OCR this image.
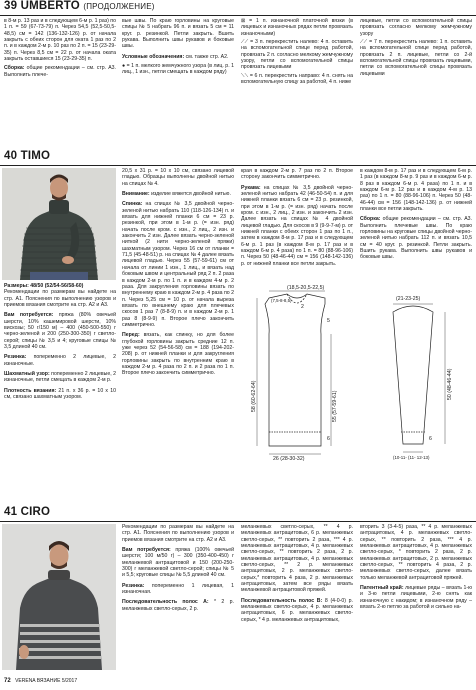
39 UMBERTO (ПРОДОЛЖЕНИЕ)

в 8-м р. 13 раз и в следующем 6-м р. 1 раз) по 1 п. = 59 (67-73-79) п. Через 54,5 (52,5-50,5-48,5) см = 142 (136-132-126) р. от начала закрыть с обеих сторон для оката 1 раз по 2 п. и в каждом 2-м р. 10 раз по 2 п. = 15 (23-29-35) п. Через 8,5 см = 22 р. от начала оката закрыть оставшиеся 15 (23-29-35) п.

Сборка: общие рекомендации – см. стр. А3. Выполнить плече-

вые швы. По краю горловины на круговые спицы № 5 набрать 96 п. и вязать 5 см = 11 круг. р. резинкой. Петли закрыть. Вшить рукава. Выполнить швы рукавов и боковые швы.

Условные обозначения: см. также стр. А2.

● = 1 п. мелкого жемчужного узора (в лиц. р. 1 лиц., 1 изн., петли смещать в каждом ряду)

⊠ = 1 п. изнаночной платочной вязки (в лицевых и изнаночных рядах петли провязать изнаночными)

⟋⟋ = 3 п. перекрестить налево: 4 п. оставить на вспомогательной спице перед работой, провязать 2 п. согласно мелкому жемчужному узору, петли со вспомогательной спицы провязать лицевыми

⟍⟍ = 6 п. перекрестить направо: 4 п. снять на вспомогательную спицу за работой, 4 п. ниже

лицевые, петли со вспомогательной спицы провязать согласно мелкому жемчужному узору

⟋⟋ = 7 п. перекрестить налево: 1 п. оставить на вспомогательной спице перед работой, провязать 2 п. лицевые, петли со 2-й вспомогательной спицы провязать лицевыми, петли со вспомогательной спицы провязать лицевыми

40 TIMO

Размеры: 48/50 (52/54-56/58-60)

Рекомендации по размерам вы найдете на стр. А1. Пояснения по выполнению узоров и приемов вязания смотрите на стр. А2 и А3.

Вам потребуется: пряжа (80% овечьей шерсти, 10% кашемировой шерсти, 10% вискозы; 50 г/150 м) – 400 (450-500-550) г черно-зеленой и 200 (250-300-350) г светло-серой; спицы № 3,5 и 4; круговые спицы № 3,5 длиной 40 см.

Резинка: попеременно 2 лицевые, 2 изнаночные.

Шахматный узор: попеременно 2 лицевые, 2 изнаночные, петли смещать в каждом 2-м р.

Плотность вязания: 21 п. х 36 р. = 10 х 10 см, связано шахматным узором.

20,5 х 31 р. = 10 х 10 см, связано лицевой гладью. Образцы выполнены двойной нитью на спицах № 4.

Внимание: изделие вяжется двойной нитью.

Спинка: на спицах № 3,5 двойной черно-зеленой нитью набрать 110 (118-126-134) п. и вязать для нижней планки 6 см = 23 р. резинкой, при этом в 1-м р. (= изн. ряд) начать после кром. с изн., 2 лиц., 2 изн. и закончить 2 изн. Далее вязать черно-зеленой ниткой (2 нити черно-зеленой пряжи) шахматным узором. Через 16 см от планки = 71,5 (45-48-51) р. на спицах № 4 далее вязать лицевой гладью. Через 55 (57-59-61) см от начала от линии 1 изн., 1 лиц., и вязать над боковым швом и центральный ряд 2 п. 2 раза в каждом 2-м р. по 1 п. и в каждом 4-м р. 2 раза. Для закругления горловины вязать по внутреннему краю в каждом 2-м р. 4 раза по 2 п. Через 5,25 см = 10 р. от начала выреза вязать по внешнему краю для плечевых скосов 1 раз 7 (8-8-9) п. и в каждом 2-м р. 1 раз 8 (8-9-9) п. Второе плечо закончить симметрично.

Перед: вязать, как спинку, но для более глубокой горловины закрыть средние 12 п. уже через 52 (54-56-58) см = 188 (194-202-208) р. от нижней планки и для закругления горловины закрыть по внутренним краю в каждом 2-м р. 4 раза по 2 п. и 2 раза по 1 п. Второе плечо закончить симметрично.

края в каждом 2-м р. 7 раз по 2 п. Второе сторону закончить симметрично.

Рукава: на спицах № 3,5 двойной черно-зеленой нитью набрать 42 (46-50-54) п. и для нижней планки вязать 6 см = 23 р. резинкой, при этом в 1-м р. (= изн. ряд) начать после кром. с изн., 2 лиц., 2 изн. и закончить 2 изн. Далее вязать на спицах № 4 двойной лицевой гладью. Для скосов в 9 (9-9-7-м) р. от нижней планки с обеих сторон 1 раз по 1 п., затем в каждом 8-м р. 17 раз и в следующем 6-м р. 1 раз (в каждом 8-м р. 17 раз и в каждом 6-м р. 4 раза) по 1 п. = 80 (88-96-106) п. Через 50 (48-46-44) см = 156 (148-142-136) р. от нижней планки все петли закрыть.

в каждом 8-м р. 17 раз и в следующем 6-м р. 1 раз (в каждом 8-м р. 9 раз и в каждом 6-м р. 8 раз в каждом 6-м р. 4 раза) по 1 п. и в каждом 6-м р. 12 раз и в каждом 4-м р. 13 раз) по 1 п. = 80 (88-96-106) п. Через 50 (48-46-44) см = 156 (148-142-136) р. от нижней планки все петли закрыть.

Сборка: общие рекомендации – см. стр. А3. Выполнить плечевые швы. По краю горловины на круговые спицы двойной черно-зеленой нитью набрать 112 п. и вязать 10,5 см = 40 круг. р. резинкой. Петли закрыть. Вшить рукава. Выполнить швы рукавов и боковые швы.

(18,5-20,5-22,5)
(7,5-8-8,5)
2
5
26 (28-30-32)
58 (60-62-64)	55 (57-59-61)
6
(21-23-25)
50 (48-46-44)
6
(10-11- (11- 12-13)
41 CIRO

Рекомендации по размерам вы найдете на стр. А1. Пояснения по выполнению узоров и приемов вязания смотрите на стр. А2 и А3.

Вам потребуется: пряжа (100% овечьей шерсти; 100 м/50 г) – 300 (350-400-450) г меланжевой антрацитовой и 150 (200-250-300) г меланжевой светло-серой; спицы № 5 и 5,5; круговые спицы № 5,5 длиной 40 см.

Резинка: попеременно 1 лицевая, 1 изнаночная.

Последовательность полос А: * 2 р. меланжевых светло-серых, 2 р.

меланжевых светло-серых, ** 4 р. меланжевых антрацитовых, 6 р. меланжевых светло-серых, ** повторить 2 раза, *** 4 р. меланжевых антрацитовых, 4 р. меланжевых светло-серых, ** повторить 2 раза, 2 р. меланжевых антрацитовых, 4 р. меланжевых светло-серых, ** 2 р. меланжевых антрацитовых, 2 р. меланжевых светло-серых,* повторить 4 раза, 2 р. меланжевых антрацитовых, затем все ряды вязать меланжевой антрацитовой пряжей.

Последовательность полос В: 8 (4-0-0) р. меланжевых светло-серых, 4 р. меланжевых антрацитовых, 6 р. меланжевых светло-серых, * 4 р. меланжевых антрацитовых,

вторить 3 (3-4-5) раза, ** 4 р. меланжевых антрацитовых, 4 р. меланжевых светло-серых, ** повторить 2 раза, *** 4 р. меланжевых антрацитовых, 4 р. меланжевых светло-серых, * повторить 2 раза, 2 р. меланжевых антрацитовых, 2 р. меланжевых светло-серых, ** повторить 4 раза, 2 р. меланжевых светло-серых, далее вязать только меланжевой антрацитовой пряжей.

Патентный край: лицевые ряды – вязать 1-ю и 3-ю петли лицевыми, 2-ю снять как изнаночную с накидом; в изнаночном ряду – вязать 2-ю петлю за работой и сильно на-

72 VERENA ВЯЗАНИЕ 5/2017
